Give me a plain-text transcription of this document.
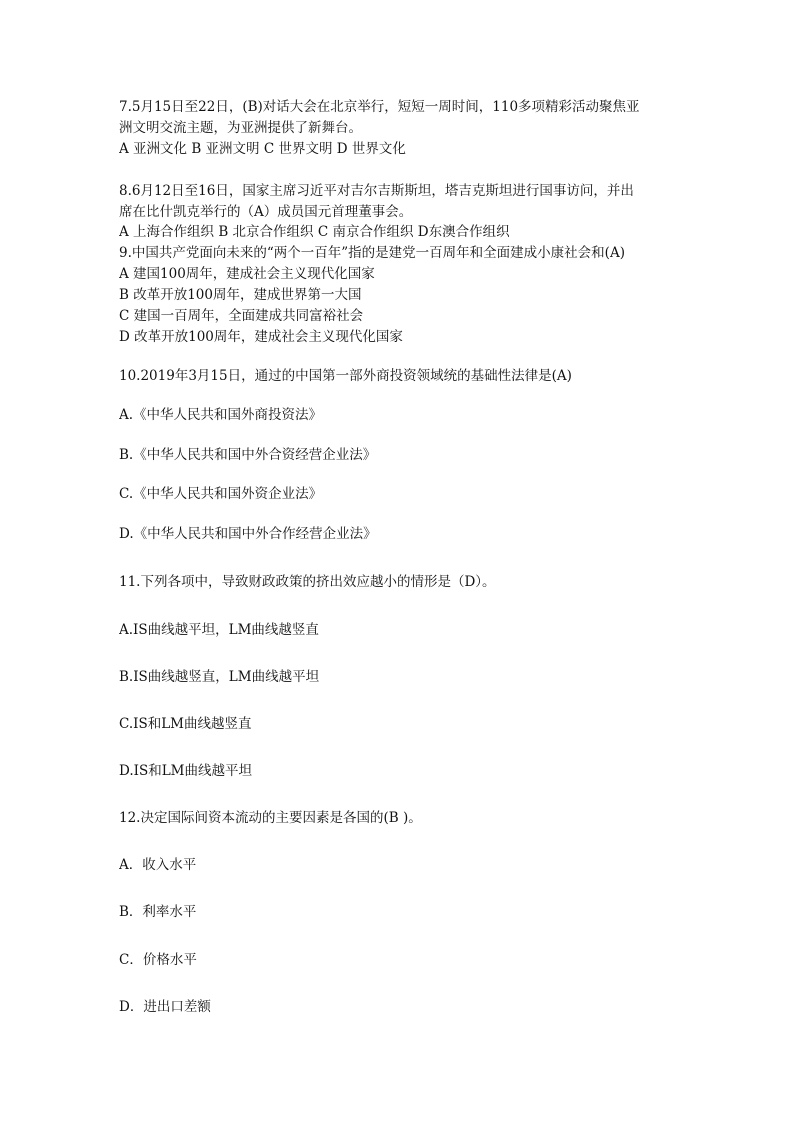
7.5月15日至22日，(B)对话大会在北京举行，短短一周时间，110多项精彩活动聚焦亚
洲文明交流主题，为亚洲提供了新舞台。
A 亚洲文化 B 亚洲文明 C 世界文明 D 世界文化
8.6月12日至16日，国家主席习近平对吉尔吉斯斯坦，塔吉克斯坦进行国事访问，并出
席在比什凯克举行的（A）成员国元首理董事会。
A 上海合作组织 B 北京合作组织 C 南京合作组织 D东澳合作组织
9.中国共产党面向未来的“两个一百年”指的是建党一百周年和全面建成小康社会和(A)
A 建国100周年，建成社会主义现代化国家
B 改革开放100周年，建成世界第一大国
C 建国一百周年，全面建成共同富裕社会
D 改革开放100周年，建成社会主义现代化国家
10.2019年3月15日，通过的中国第一部外商投资领域统的基础性法律是(A)
A.《中华人民共和国外商投资法》
B.《中华人民共和国中外合资经营企业法》
C.《中华人民共和国外资企业法》
D.《中华人民共和国中外合作经营企业法》
11.下列各项中，导致财政政策的挤出效应越小的情形是（D）。
A.IS曲线越平坦，LM曲线越竖直
B.IS曲线越竖直，LM曲线越平坦
C.IS和LM曲线越竖直
D.IS和LM曲线越平坦
12.决定国际间资本流动的主要因素是各国的(B )。
A．收入水平
B．利率水平
C．价格水平
D．进出口差额
